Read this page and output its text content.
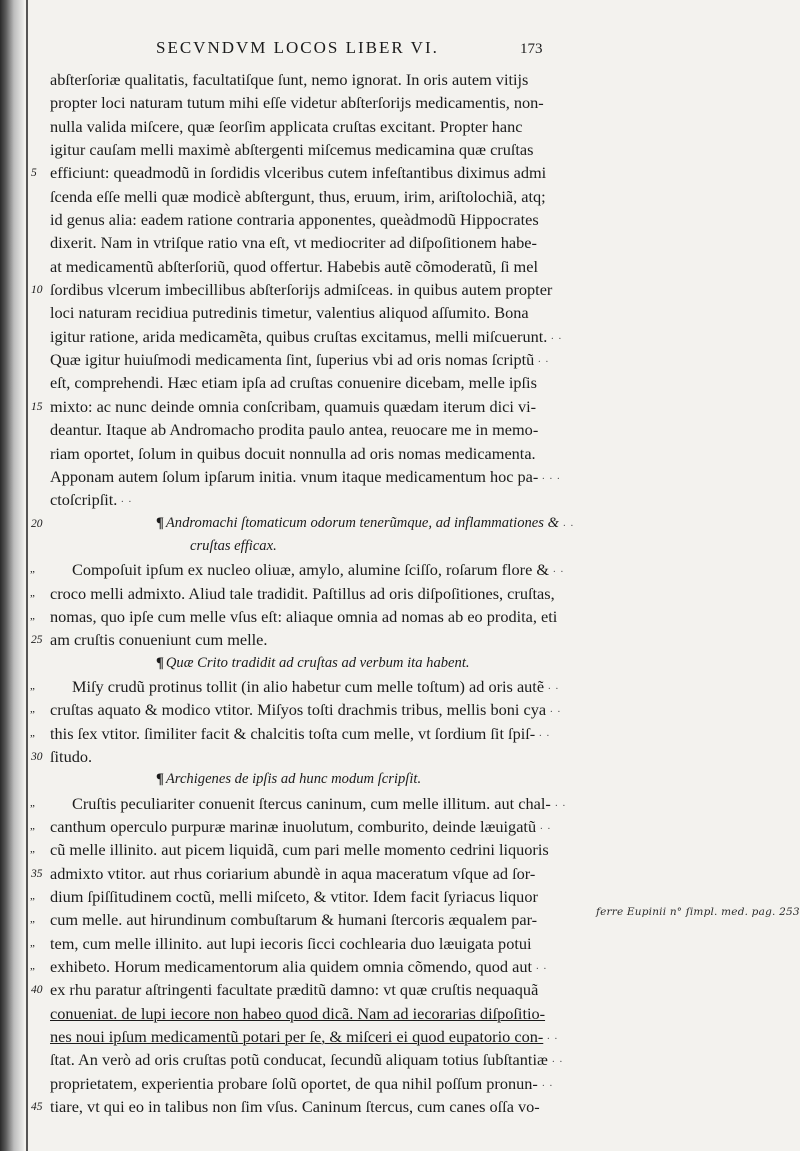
SECVNDVM LOCOS LIBER VI.	173
abſterſoriæ qualitatis, facultatiſque ſunt, nemo ignorat. In oris autem vitijs
propter loci naturam tutum mihi eſſe videtur abſterſorijs medicamentis, non-
nulla valida miſcere, quæ ſeorſim applicata cruſtas excitant. Propter hanc
igitur cauſam melli maximè abſtergenti miſcemus medicamina quæ cruſtas
5 efficiunt: queadmodũ in ſordidis vlceribus cutem infeſtantibus diximus admi
ſcenda eſſe melli quæ modicè abſtergunt, thus, eruum, irim, ariſtolochiã, atq;
id genus alia: eadem ratione contraria apponentes, queàdmodũ Hippocrates
dixerit. Nam in vtriſque ratio vna eſt, vt mediocriter ad diſpoſitionem habe-
at medicamentũ abſterſoriũ, quod offertur. Habebis autẽ cõmoderatũ, ſi mel
10 ſordibus vlcerum imbecillibus abſterſorijs admiſceas. in quibus autem propter
loci naturam recidiua putredinis timetur, valentius aliquod aſſumito. Bona
igitur ratione, arida medicamẽta, quibus cruſtas excitamus, melli miſcuerunt. . .
Quæ igitur huiuſmodi medicamenta ſint, ſuperius vbi ad oris nomas ſcriptũ . .
eſt, comprehendi. Hæc etiam ipſa ad cruſtas conuenire dicebam, melle ipſis
15 mixto: ac nunc deinde omnia conſcribam, quamuis quædam iterum dici vi-
deantur. Itaque ab Andromacho prodita paulo antea, reuocare me in memo-
riam oportet, ſolum in quibus docuit nonnulla ad oris nomas medicamenta.
Apponam autem ſolum ipſarum initia. vnum itaque medicamentum hoc pa- . . .
ctoſcripſit. . .
20	¶ Andromachi ſtomaticum odorum tenerũmque, ad inflammationes & . .
cruſtas efficax.
„	Compoſuit ipſum ex nucleo oliuæ, amylo, alumine ſciſſo, roſarum flore & . .
„ croco melli admixto. Aliud tale tradidit. Paſtillus ad oris diſpoſitiones, cruſtas,
„ nomas, quo ipſe cum melle vſus eſt: aliaque omnia ad nomas ab eo prodita, eti
25 am cruſtis conueniunt cum melle.
¶ Quæ Crito tradidit ad cruſtas ad verbum ita habent.
„	Miſy crudũ protinus tollit (in alio habetur cum melle toſtum) ad oris autẽ . .
„ cruſtas aquato & modico vtitor. Miſyos toſti drachmis tribus, mellis boni cya . .
„ this ſex vtitor. ſimiliter facit & chalcitis toſta cum melle, vt ſordium ſit ſpiſ- . .
30 ſitudo.
¶ Archigenes de ipſis ad hunc modum ſcripſit.
„	Cruſtis peculiariter conuenit ſtercus caninum, cum melle illitum. aut chal- . .
„ canthum operculo purpuræ marinæ inuolutum, comburito, deinde læuigatũ . .
„ cũ melle illinito. aut picem liquidã, cum pari melle momento cedrini liquoris
35 admixto vtitor. aut rhus coriarium abundè in aqua maceratum vſque ad ſor-
„ dium ſpiſſitudinem coctũ, melli miſceto, & vtitor. Idem facit ſyriacus liquor
„ cum melle. aut hirundinum combuſtarum & humani ſtercoris æqualem par-
„ tem, cum melle illinito. aut lupi iecoris ſicci cochlearia duo læuigata potui
„ exhibeto. Horum medicamentorum alia quidem omnia cõmendo, quod aut . .
40 ex rhu paratur aſtringenti facultate præditũ damno: vt quæ cruſtis nequaquã
conueniat. de lupi iecore non habeo quod dicã. Nam ad iecorarias diſpoſitio-
nes noui ipſum medicamentũ potari per ſe, & miſceri ei quod eupatorio con- . .
ſtat. An verò ad oris cruſtas potũ conducat, ſecundũ aliquam totius ſubſtantiæ . .
proprietatem, experientia probare ſolũ oportet, de qua nihil poſſum pronun- . .
45 tiare, vt qui eo in talibus non ſim vſus. Caninum ſtercus, cum canes oſſa vo-
ferre Eupinii n° ſimpl. med. pag. 253
